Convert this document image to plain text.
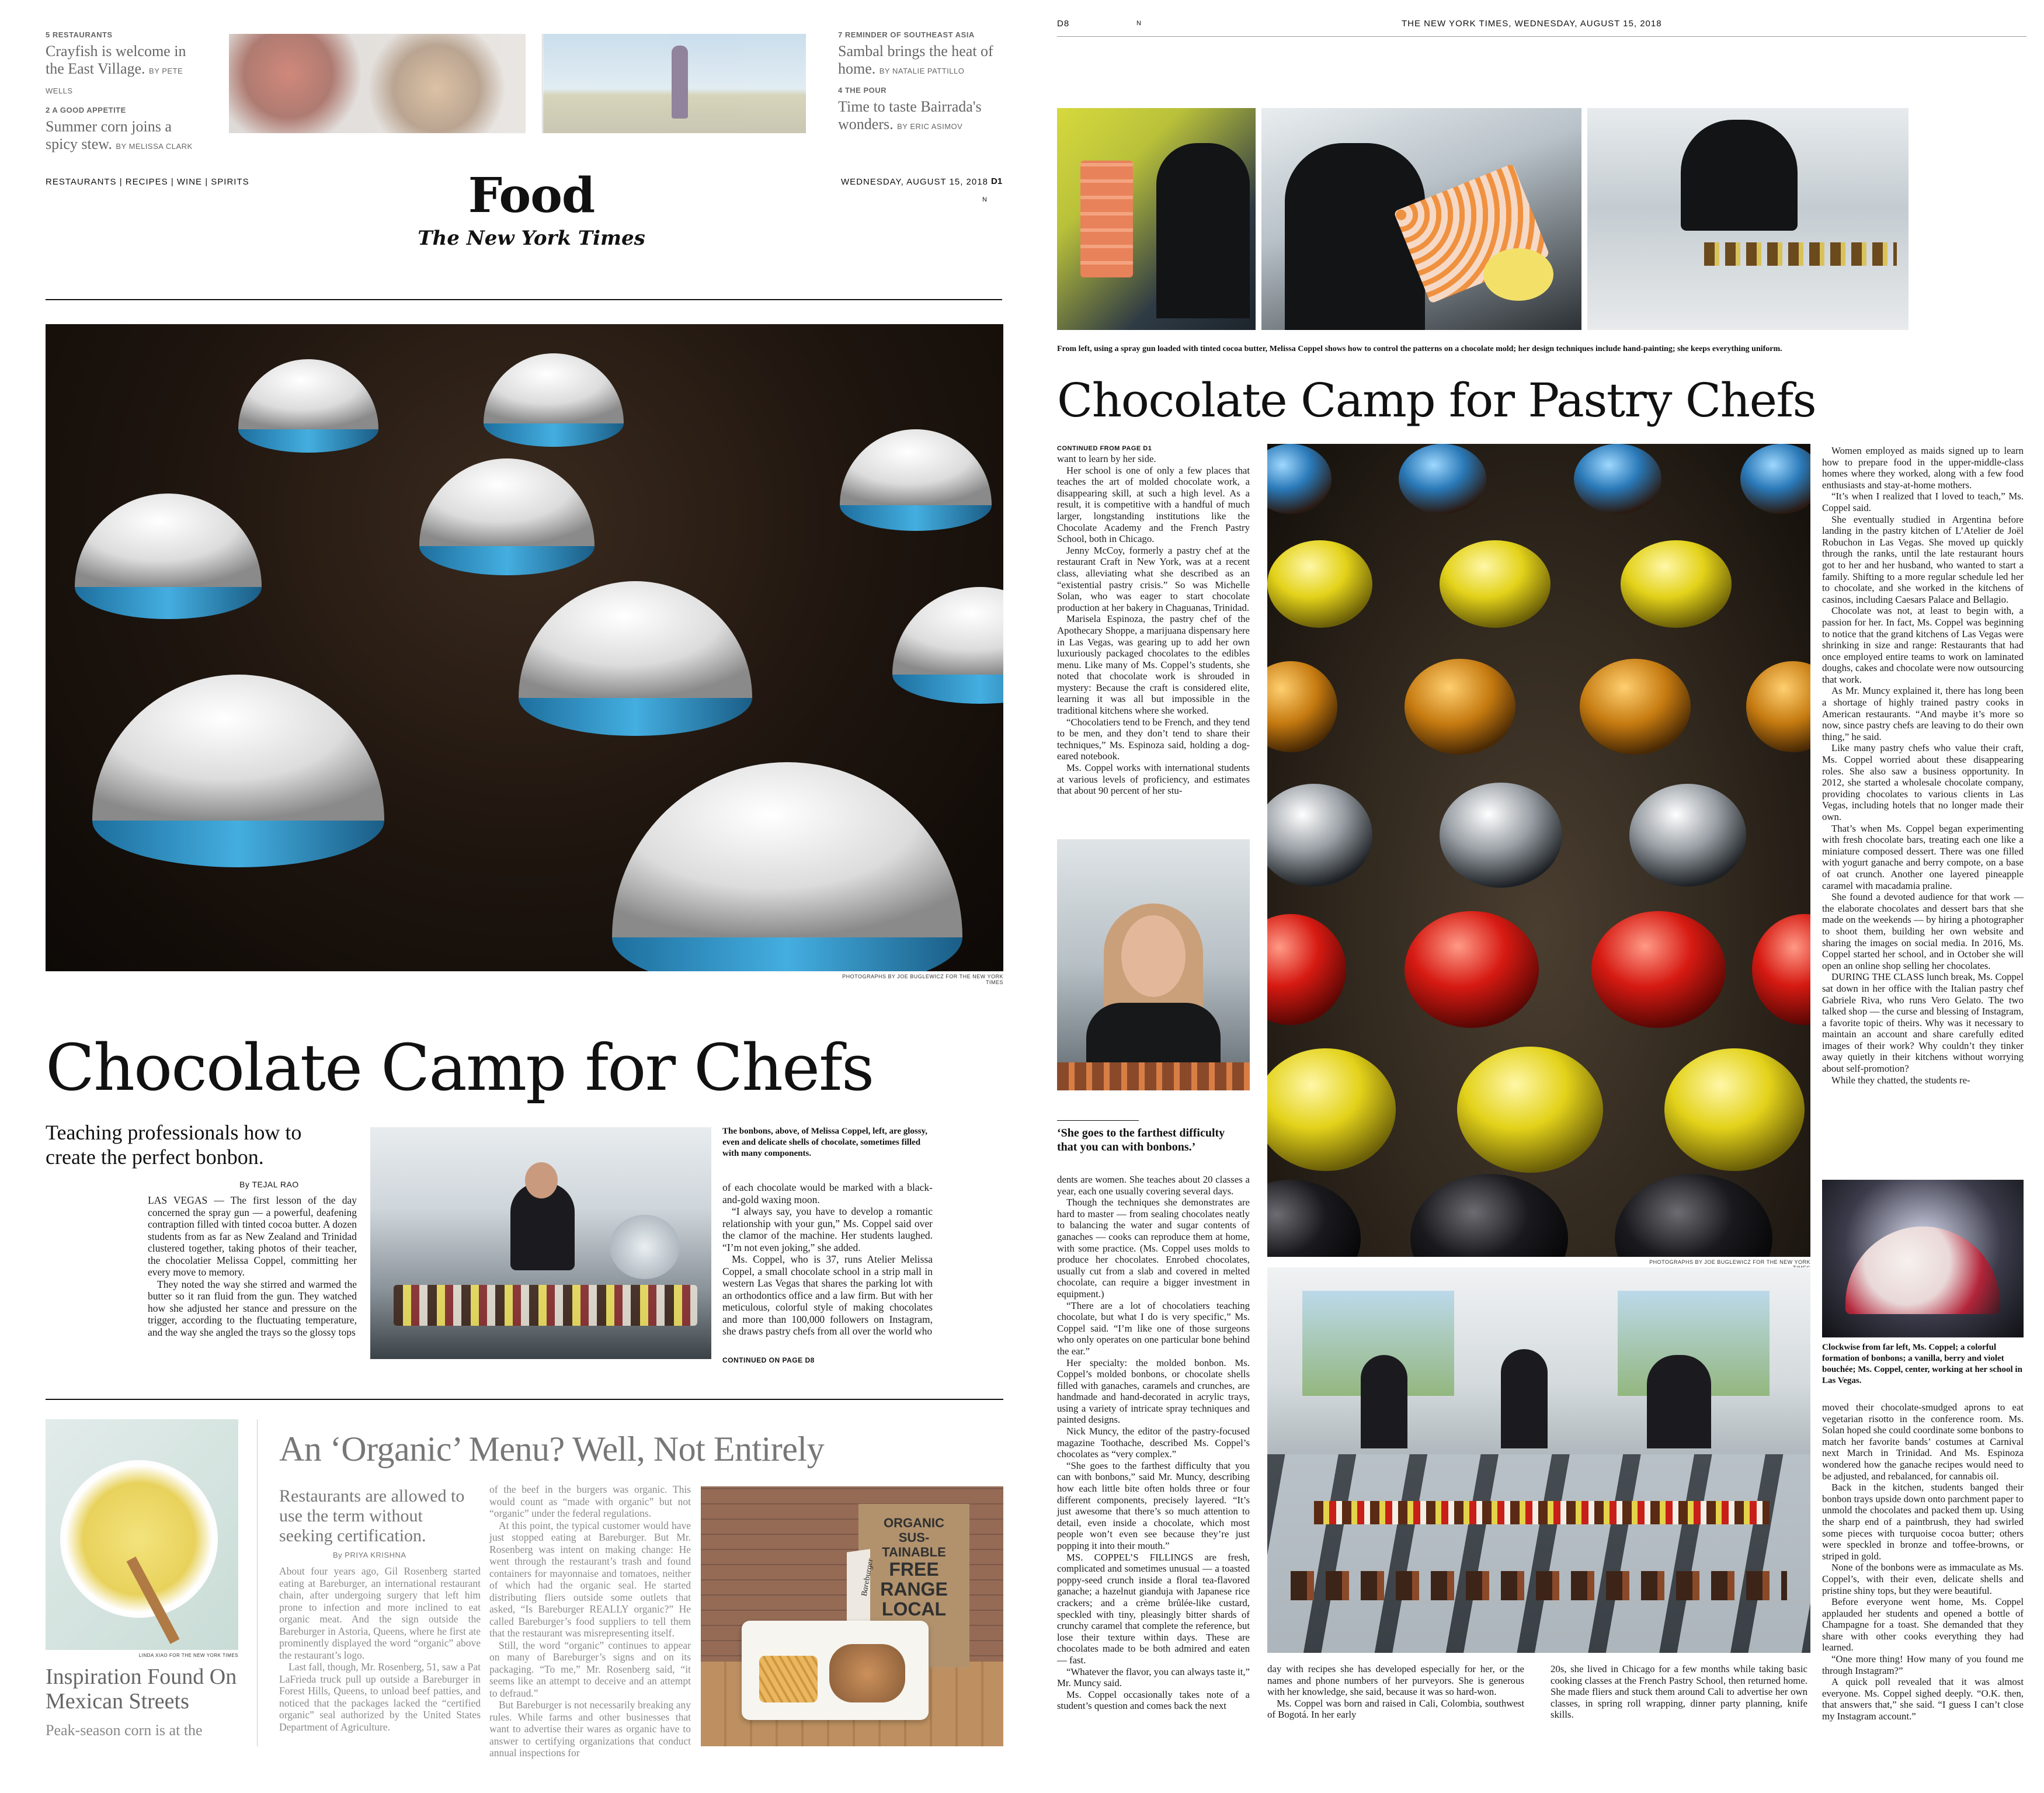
5 RESTAURANTS
Crayfish is welcome in the East Village. BY PETE WELLS
2 A GOOD APPETITE
Summer corn joins a spicy stew. BY MELISSA CLARK
7 REMINDER OF SOUTHEAST ASIA
Sambal brings the heat of home. BY NATALIE PATTILLO
4 THE POUR
Time to taste Bairrada's wonders. BY ERIC ASIMOV
RESTAURANTS | RECIPES | WINE | SPIRITS	Food
The New York Times
WEDNESDAY, AUGUST 15, 2018 D1
N
PHOTOGRAPHS BY JOE BUGLEWICZ FOR THE NEW YORK TIMES
Chocolate Camp for Chefs
Teaching professionals how to create the perfect bonbon.
By TEJAL RAO

LAS VEGAS — The first lesson of the day concerned the spray gun — a powerful, deafening contraption filled with tinted cocoa butter. A dozen students from as far as New Zealand and Trinidad clustered together, taking photos of their teacher, the chocolatier Melissa Coppel, committing her every move to memory.

They noted the way she stirred and warmed the butter so it ran fluid from the gun. They watched how she adjusted her stance and pressure on the trigger, according to the fluctuating temperature, and the way she angled the trays so the glossy tops

The bonbons, above, of Melissa Coppel, left, are glossy, even and delicate shells of chocolate, sometimes filled with many components.

of each chocolate would be marked with a black-and-gold waxing moon.

“I always say, you have to develop a romantic relationship with your gun,” Ms. Coppel said over the clamor of the machine. Her students laughed. “I’m not even joking,” she added.

Ms. Coppel, who is 37, runs Atelier Melissa Coppel, a small chocolate school in a strip mall in western Las Vegas that shares the parking lot with an orthodontics office and a law firm. But with her meticulous, colorful style of making chocolates and more than 100,000 followers on Instagram, she draws pastry chefs from all over the world who

CONTINUED ON PAGE D8
LINDA XIAO FOR THE NEW YORK TIMES
Inspiration Found On Mexican Streets
Peak-season corn is at the
An ‘Organic’ Menu? Well, Not Entirely
Restaurants are allowed to use the term without seeking certification.
By PRIYA KRISHNA

About four years ago, Gil Rosenberg started eating at Bareburger, an international restaurant chain, after undergoing surgery that left him prone to infection and more inclined to eat organic meat. And the sign outside the Bareburger in Astoria, Queens, where he first ate prominently displayed the word “organic” above the restaurant’s logo.

Last fall, though, Mr. Rosenberg, 51, saw a Pat LaFrieda truck pull up outside a Bareburger in Forest Hills, Queens, to unload beef patties, and noticed that the packages lacked the “certified organic” seal authorized by the United States Department of Agriculture.

of the beef in the burgers was organic. This would count as “made with organic” but not “organic” under the federal regulations.

At this point, the typical customer would have just stopped eating at Bareburger. But Mr. Rosenberg was intent on making change: He went through the restaurant’s trash and found containers for mayonnaise and tomatoes, neither of which had the organic seal. He started distributing fliers outside some outlets that asked, “Is Bareburger REALLY organic?” He called Bareburger’s food suppliers to tell them that the restaurant was misrepresenting itself.

Still, the word “organic” continues to appear on many of Bareburger’s signs and on its packaging. “To me,” Mr. Rosenberg said, “it seems like an attempt to deceive and an attempt to defraud.”

But Bareburger is not necessarily breaking any rules. While farms and other businesses that want to advertise their wares as organic have to answer to certifying organizations that conduct annual inspections for

ORGANIC
SUS-
TAINABLE
FREE
RANGE
LOCAL
Bareburger
D8	N	THE NEW YORK TIMES, WEDNESDAY, AUGUST 15, 2018
From left, using a spray gun loaded with tinted cocoa butter, Melissa Coppel shows how to control the patterns on a chocolate mold; her design techniques include hand-painting; she keeps everything uniform.
Chocolate Camp for Pastry Chefs
CONTINUED FROM PAGE D1

want to learn by her side.

Her school is one of only a few places that teaches the art of molded chocolate work, a disappearing skill, at such a high level. As a result, it is competitive with a handful of much larger, longstanding institutions like the Chocolate Academy and the French Pastry School, both in Chicago.

Jenny McCoy, formerly a pastry chef at the restaurant Craft in New York, was at a recent class, alleviating what she described as an “existential pastry crisis.” So was Michelle Solan, who was eager to start chocolate production at her bakery in Chaguanas, Trinidad.

Marisela Espinoza, the pastry chef of the Apothecary Shoppe, a marijuana dispensary here in Las Vegas, was gearing up to add her own luxuriously packaged chocolates to the edibles menu. Like many of Ms. Coppel’s students, she noted that chocolate work is shrouded in mystery: Because the craft is considered elite, learning it was all but impossible in the traditional kitchens where she worked.

“Chocolatiers tend to be French, and they tend to be men, and they don’t tend to share their techniques,” Ms. Espinoza said, holding a dog-eared notebook.

Ms. Coppel works with international students at various levels of proficiency, and estimates that about 90 percent of her stu-

‘She goes to the farthest difficulty that you can with bonbons.’

dents are women. She teaches about 20 classes a year, each one usually covering several days.

Though the techniques she demonstrates are hard to master — from sealing chocolates neatly to balancing the water and sugar contents of ganaches — cooks can reproduce them at home, with some practice. (Ms. Coppel uses molds to produce her chocolates. Enrobed chocolates, usually cut from a slab and covered in melted chocolate, can require a bigger investment in equipment.)

“There are a lot of chocolatiers teaching chocolate, but what I do is very specific,” Ms. Coppel said. “I’m like one of those surgeons who only operates on one particular bone behind the ear.”

Her specialty: the molded bonbon. Ms. Coppel’s molded bonbons, or chocolate shells filled with ganaches, caramels and crunches, are handmade and hand-decorated in acrylic trays, using a variety of intricate spray techniques and painted designs.

Nick Muncy, the editor of the pastry-focused magazine Toothache, described Ms. Coppel’s chocolates as “very complex.”

“She goes to the farthest difficulty that you can with bonbons,” said Mr. Muncy, describing how each little bite often holds three or four different components, precisely layered. “It’s just awesome that there’s so much attention to detail, even inside a chocolate, which most people won’t even see because they’re just popping it into their mouth.”

MS. COPPEL’S FILLINGS are fresh, complicated and sometimes unusual — a toasted poppy-seed crunch inside a floral tea-flavored ganache; a hazelnut gianduja with Japanese rice crackers; and a crème brûlée-like custard, speckled with tiny, pleasingly bitter shards of crunchy caramel that complete the reference, but lose their texture within days. These are chocolates made to be both admired and eaten — fast.

“Whatever the flavor, you can always taste it,” Mr. Muncy said.

Ms. Coppel occasionally takes note of a student’s question and comes back the next

PHOTOGRAPHS BY JOE BUGLEWICZ FOR THE NEW YORK

day with recipes she has developed especially for her, or the names and phone numbers of her purveyors. She is generous with her knowledge, she said, because it was so hard-won.

Ms. Coppel was born and raised in Cali, Colombia, southwest of Bogotá. In her early

20s, she lived in Chicago for a few months while taking basic cooking classes at the French Pastry School, then returned home. She made fliers and stuck them around Cali to advertise her own classes, in spring roll wrapping, dinner party planning, knife skills.

Women employed as maids signed up to learn how to prepare food in the upper-middle-class homes where they worked, along with a few food enthusiasts and stay-at-home mothers.

“It’s when I realized that I loved to teach,” Ms. Coppel said.

She eventually studied in Argentina before landing in the pastry kitchen of L’Atelier de Joël Robuchon in Las Vegas. She moved up quickly through the ranks, until the late restaurant hours got to her and her husband, who wanted to start a family. Shifting to a more regular schedule led her to chocolate, and she worked in the kitchens of casinos, including Caesars Palace and Bellagio.

Chocolate was not, at least to begin with, a passion for her. In fact, Ms. Coppel was beginning to notice that the grand kitchens of Las Vegas were shrinking in size and range: Restaurants that had once employed entire teams to work on laminated doughs, cakes and chocolate were now outsourcing that work.

As Mr. Muncy explained it, there has long been a shortage of highly trained pastry cooks in American restaurants. “And maybe it’s more so now, since pastry chefs are leaving to do their own thing,” he said.

Like many pastry chefs who value their craft, Ms. Coppel worried about these disappearing roles. She also saw a business opportunity. In 2012, she started a wholesale chocolate company, providing chocolates to various clients in Las Vegas, including hotels that no longer made their own.

That’s when Ms. Coppel began experimenting with fresh chocolate bars, treating each one like a miniature composed dessert. There was one filled with yogurt ganache and berry compote, on a base of oat crunch. Another one layered pineapple caramel with macadamia praline.

She found a devoted audience for that work — the elaborate chocolates and dessert bars that she made on the weekends — by hiring a photographer to shoot them, building her own website and sharing the images on social media. In 2016, Ms. Coppel started her school, and in October she will open an online shop selling her chocolates.

DURING THE CLASS lunch break, Ms. Coppel sat down in her office with the Italian pastry chef Gabriele Riva, who runs Vero Gelato. The two talked shop — the curse and blessing of Instagram, a favorite topic of theirs. Why was it necessary to maintain an account and share carefully edited images of their work? Why couldn’t they tinker away quietly in their kitchens without worrying about self-promotion?

While they chatted, the students re-

Clockwise from far left, Ms. Coppel; a colorful formation of bonbons; a vanilla, berry and violet bouchée; Ms. Coppel, center, working at her school in Las Vegas.

moved their chocolate-smudged aprons to eat vegetarian risotto in the conference room. Ms. Solan hoped she could coordinate some bonbons to match her favorite bands’ costumes at Carnival next March in Trinidad. And Ms. Espinoza wondered how the ganache recipes would need to be adjusted, and rebalanced, for cannabis oil.

Back in the kitchen, students banged their bonbon trays upside down onto parchment paper to unmold the chocolates and packed them up. Using the sharp end of a paintbrush, they had swirled some pieces with turquoise cocoa butter; others were speckled in bronze and toffee-browns, or striped in gold.

None of the bonbons were as immaculate as Ms. Coppel’s, with their even, delicate shells and pristine shiny tops, but they were beautiful.

Before everyone went home, Ms. Coppel applauded her students and opened a bottle of Champagne for a toast. She demanded that they share with other cooks everything they had learned.

“One more thing! How many of you found me through Instagram?”

A quick poll revealed that it was almost everyone. Ms. Coppel sighed deeply. “O.K. then, that answers that,” she said. “I guess I can’t close my Instagram account.”
